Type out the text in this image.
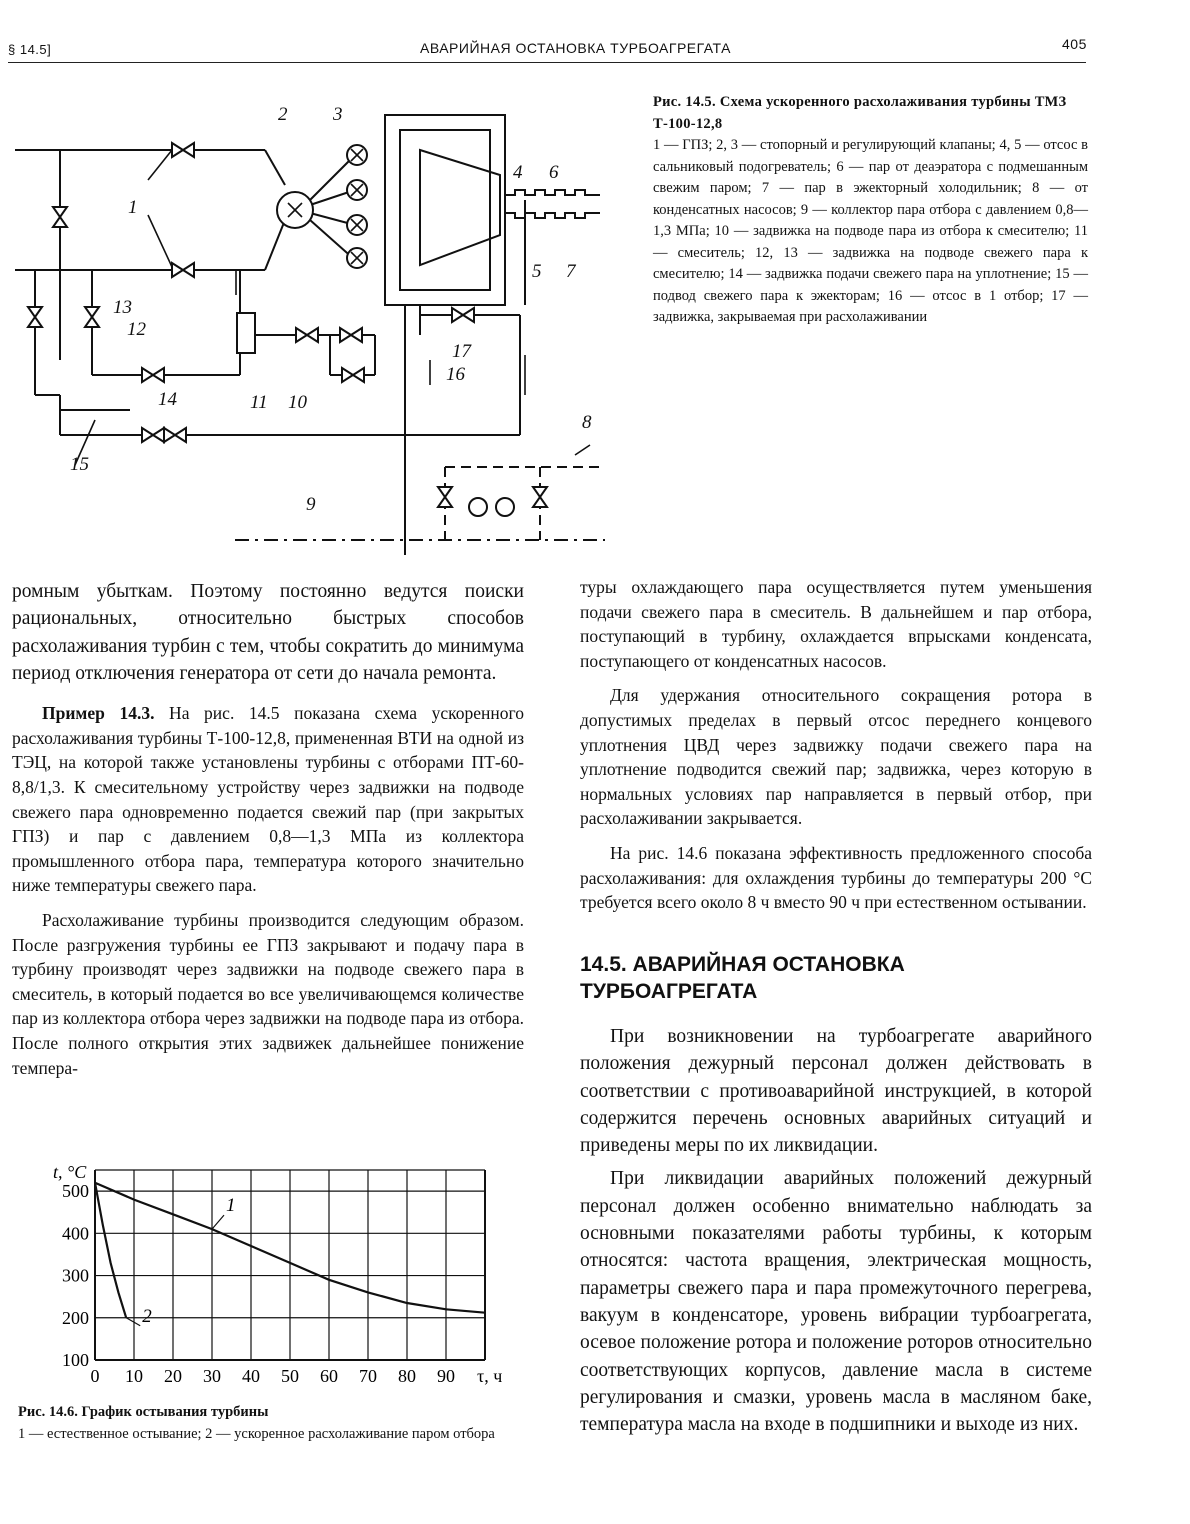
§ 14.5]	АВАРИЙНАЯ ОСТАНОВКА ТУРБОАГРЕГАТА	405
1
2 3
4
5
6
7
8
9
10
11
12
13
14
15
16
17
Рис. 14.5. Схема ускоренного расхолаживания турбины ТМЗ Т-100-12,8
1 — ГПЗ; 2, 3 — стопорный и регулирующий клапаны; 4, 5 — отсос в сальниковый подогреватель; 6 — пар от деаэратора с подмешанным свежим паром; 7 — пар в эжекторный холодильник; 8 — от конденсатных насосов; 9 — коллектор пара отбора с давлением 0,8—1,3 МПа; 10 — задвижка на подводе пара из отбора к смесителю; 11 — смеситель; 12, 13 — задвижка на подводе свежего пара к смесителю; 14 — задвижка подачи свежего пара на уплотнение; 15 — подвод свежего пара к эжекторам; 16 — отсос в 1 отбор; 17 — задвижка, закрываемая при расхолаживании

ромным убыткам. Поэтому постоянно ведутся поиски рациональных, относительно быстрых способов расхолаживания турбин с тем, чтобы сократить до минимума период отключения генератора от сети до начала ремонта.

Пример 14.3. На рис. 14.5 показана схема ускоренного расхолаживания турбины Т-100-12,8, примененная ВТИ на одной из ТЭЦ, на которой также установлены турбины с отборами ПТ-60-8,8/1,3. К смесительному устройству через задвижки на подводе свежего пара одновременно подается свежий пар (при закрытых ГПЗ) и пар с давлением 0,8—1,3 МПа из коллектора промышленного отбора пара, температура которого значительно ниже температуры свежего пара.

Расхолаживание турбины производится следующим образом. После разгружения турбины ее ГПЗ закрывают и подачу пара в турбину производят через задвижки на подводе свежего пара в смеситель, в который подается во все увеличивающемся количестве пар из коллектора отбора через задвижки на подводе пара из отбора. После полного открытия этих задвижек дальнейшее понижение темпера-

туры охлаждающего пара осуществляется путем уменьшения подачи свежего пара в смеситель. В дальнейшем и пар отбора, поступающий в турбину, охлаждается впрысками конденсата, поступающего от конденсатных насосов.

Для удержания относительного сокращения ротора в допустимых пределах в первый отсос переднего концевого уплотнения ЦВД через задвижку подачи свежего пара на уплотнение подводится свежий пар; задвижка, через которую в нормальных условиях пар направляется в первый отбор, при расхолаживании закрывается.

На рис. 14.6 показана эффективность предложенного способа расхолаживания: для охлаждения турбины до температуры 200 °C требуется всего около 8 ч вместо 90 ч при естественном остывании.

14.5. АВАРИЙНАЯ ОСТАНОВКА
ТУРБОАГРЕГАТА

При возникновении на турбоагрегате аварийного положения дежурный персонал должен действовать в соответствии с противоаварийной инструкцией, в которой содержится перечень основных аварийных ситуаций и приведены меры по их ликвидации.

При ликвидации аварийных положений дежурный персонал должен особенно внимательно наблюдать за основными показателями работы турбины, к которым относятся: частота вращения, электрическая мощность, параметры свежего пара и пара промежуточного перегрева, вакуум в конденсаторе, уровень вибрации турбоагрегата, осевое положение ротора и положение роторов относительно соответствующих корпусов, давление масла в системе регулирования и смазки, уровень масла в масляном баке, температура масла на входе в подшипники и выходе из них.

0 10 20 30 40 50 60 70 80 90
100
200
300
400
500
t, °C
τ, ч
1
2
Рис. 14.6. График остывания турбины
1 — естественное остывание; 2 — ускоренное расхолаживание паром отбора
